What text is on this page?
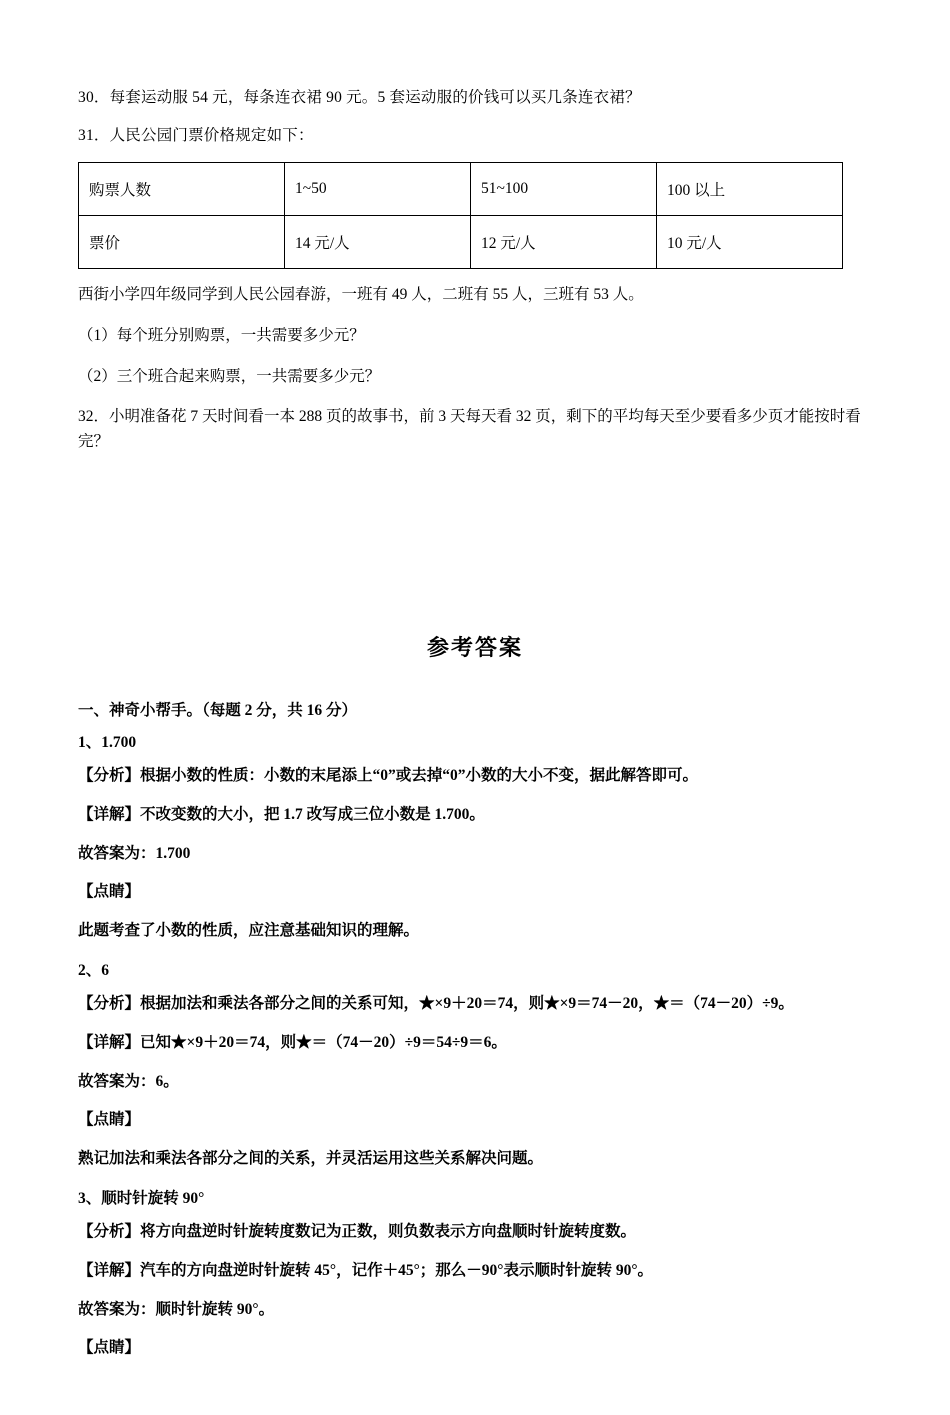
30．每套运动服 54 元，每条连衣裙 90 元。5 套运动服的价钱可以买几条连衣裙？
31．人民公园门票价格规定如下：
购票人数	1~50	51~100	100 以上
票价	14 元/人	12 元/人	10 元/人
西街小学四年级同学到人民公园春游，一班有 49 人，二班有 55 人，三班有 53 人。
（1）每个班分别购票，一共需要多少元？
（2）三个班合起来购票，一共需要多少元？
32．小明准备花 7 天时间看一本 288 页的故事书，前 3 天每天看 32 页，剩下的平均每天至少要看多少页才能按时看完？
参考答案
一、神奇小帮手。（每题 2 分，共 16 分）
1、1.700
【分析】根据小数的性质：小数的末尾添上“0”或去掉“0”小数的大小不变，据此解答即可。
【详解】不改变数的大小，把 1.7 改写成三位小数是 1.700。
故答案为：1.700
【点睛】
此题考查了小数的性质，应注意基础知识的理解。
2、6
【分析】根据加法和乘法各部分之间的关系可知，★×9＋20＝74，则★×9＝74－20，★＝（74－20）÷9。
【详解】已知★×9＋20＝74，则★＝（74－20）÷9＝54÷9＝6。
故答案为：6。
【点睛】
熟记加法和乘法各部分之间的关系，并灵活运用这些关系解决问题。
3、顺时针旋转 90°
【分析】将方向盘逆时针旋转度数记为正数，则负数表示方向盘顺时针旋转度数。
【详解】汽车的方向盘逆时针旋转 45°，记作＋45°；那么－90°表示顺时针旋转 90°。
故答案为：顺时针旋转 90°。
【点睛】
